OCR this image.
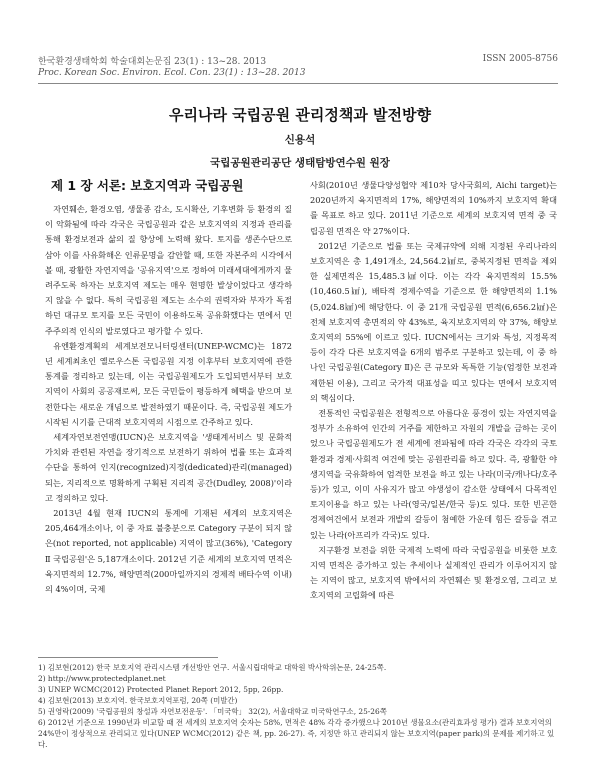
한국환경생태학회 학술대회논문집 23(1) : 13~28. 2013
Proc. Korean Soc. Environ. Ecol. Con. 23(1) : 13~28. 2013
ISSN 2005-8756
우리나라 국립공원 관리정책과 발전방향
신용석
국립공원관리공단 생태탐방연수원 원장
제 1 장 서론: 보호지역과 국립공원

자연훼손, 환경오염, 생물종 감소, 도시확산, 기후변화 등 환경의 질이 악화됨에 따라 각국은 국립공원과 같은 보호지역의 지정과 관리를 통해 환경보전과 삶의 질 향상에 노력해 왔다. 토지를 생존수단으로 삼아 이를 사유화해온 인류문명을 감안할 때, 또한 자본주의 시각에서 볼 때, 광활한 자연지역을 '공유지역'으로 정하여 미래세대에게까지 물려주도록 하자는 보호지역 제도는 매우 현명한 발상이었다고 생각하지 않을 수 없다. 특히 국립공원 제도는 소수의 권력자와 부자가 독점하던 대규모 토지를 모든 국민이 이용하도록 공유화했다는 면에서 민주주의적 인식의 발로였다고 평가할 수 있다.

유엔환경계획의 세계보전모니터링센터(UNEP-WCMC)는 1872년 세계최초인 옐로우스톤 국립공원 지정 이후부터 보호지역에 관한 통계를 정리하고 있는데, 이는 국립공원제도가 도입되면서부터 보호지역이 사회의 공공재로써, 모든 국민들이 평등하게 혜택을 받으며 보전한다는 새로운 개념으로 발전하였기 때문이다. 즉, 국립공원 제도가 시작된 시기를 근대적 보호지역의 시점으로 간주하고 있다.

세계자연보전연맹(IUCN)은 보호지역을 '생태계서비스 및 문화적 가치와 관련된 자연을 장기적으로 보전하기 위하여 법률 또는 효과적 수단을 통하여 인지(recognized)지정(dedicated)관리(managed)되는, 지리적으로 명확하게 구획된 지리적 공간(Dudley, 2008)'이라고 정의하고 있다.

2013년 4월 현재 IUCN의 통계에 기재된 세계의 보호지역은 205,464개소이나, 이 중 자료 불충분으로 Category 구분이 되지 않은(not reported, not applicable) 지역이 많고(36%), 'Category Ⅱ 국립공원'은 5,187개소이다. 2012년 기준 세계의 보호지역 면적은 육지면적의 12.7%, 해양면적(200마일까지의 경제적 배타수역 이내)의 4%이며, 국제

사회(2010년 생물다양성협약 제10차 당사국회의, Aichi target)는 2020년까지 육지면적의 17%, 해양면적의 10%까지 보호지역 확대를 목표로 하고 있다. 2011년 기준으로 세계의 보호지역 면적 중 국립공원 면적은 약 27%이다.

2012년 기준으로 법률 또는 국제규약에 의해 지정된 우리나라의 보호지역은 총 1,491개소, 24,564.2㎢로, 중복지정된 면적을 제외한 실제면적은 15,485.3㎢이다. 이는 각각 육지면적의 15.5%(10,460.5㎢), 배타적 경제수역을 기준으로 한 해양면적의 1.1%(5,024.8㎢)에 해당한다. 이 중 21개 국립공원 면적(6,656.2㎢)은 전체 보호지역 총면적의 약 43%로, 육지보호지역의 약 37%, 해양보호지역의 55%에 이르고 있다. IUCN에서는 크기와 특성, 지정목적 등이 각각 다른 보호지역을 6개의 범주로 구분하고 있는데, 이 중 하나인 국립공원(Category Ⅱ)은 큰 규모와 독특한 기능(엄정한 보전과 제한된 이용), 그리고 국가적 대표성을 띠고 있다는 면에서 보호지역의 핵심이다.

전통적인 국립공원은 전형적으로 아름다운 풍경이 있는 자연지역을 정부가 소유하여 인간의 거주를 제한하고 자원의 개발을 금하는 곳이었으나 국립공원제도가 전 세계에 전파됨에 따라 각국은 각각의 국토환경과 경제·사회적 여건에 맞는 공원관리를 하고 있다. 즉, 광활한 야생지역을 국유화하여 엄격한 보전을 하고 있는 나라(미국/캐나다/호주 등)가 있고, 이미 사유지가 많고 야생성이 감소한 상태에서 다목적인 토지이용을 하고 있는 나라(영국/일본/한국 등)도 있다. 또한 빈곤한 경제여건에서 보전과 개발의 갈등이 첨예한 가운데 힘든 갈등을 겪고 있는 나라(아프리카 각국)도 있다.

지구환경 보전을 위한 국제적 노력에 따라 국립공원을 비롯한 보호지역 면적은 증가하고 있는 추세이나 실제적인 관리가 이루어지지 않는 지역이 많고, 보호지역 밖에서의 자연훼손 및 환경오염, 그리고 보호지역의 고립화에 따른

1) 김보현(2012) 한국 보호지역 관리시스템 개선방안 연구. 서울시립대학교 대학원 박사학위논문, 24-25쪽.

2) http://www.protectedplanet.net

3) UNEP WCMC(2012) Protected Planet Report 2012, 5pp, 26pp.

4) 김보현(2013) 보호지역. 한국보호지역포럼, 20쪽 (미발간)

5) 권영락(2009) '국립공원의 창설과 자연보전운동'. 「미국학」 32(2), 서울대학교 미국학연구소, 25-26쪽

6) 2012년 기준으로 1990년과 비교할 때 전 세계의 보호지역 숫자는 58%, 면적은 48% 각각 증가했으나 2010년 생물요소(관리효과성 평가) 결과 보호지역의 24%만이 정상적으로 관리되고 있다(UNEP WCMC(2012) 같은 책, pp. 26-27). 즉, 지정만 하고 관리되지 않는 보호지역(paper park)의 문제를 제기하고 있다.
